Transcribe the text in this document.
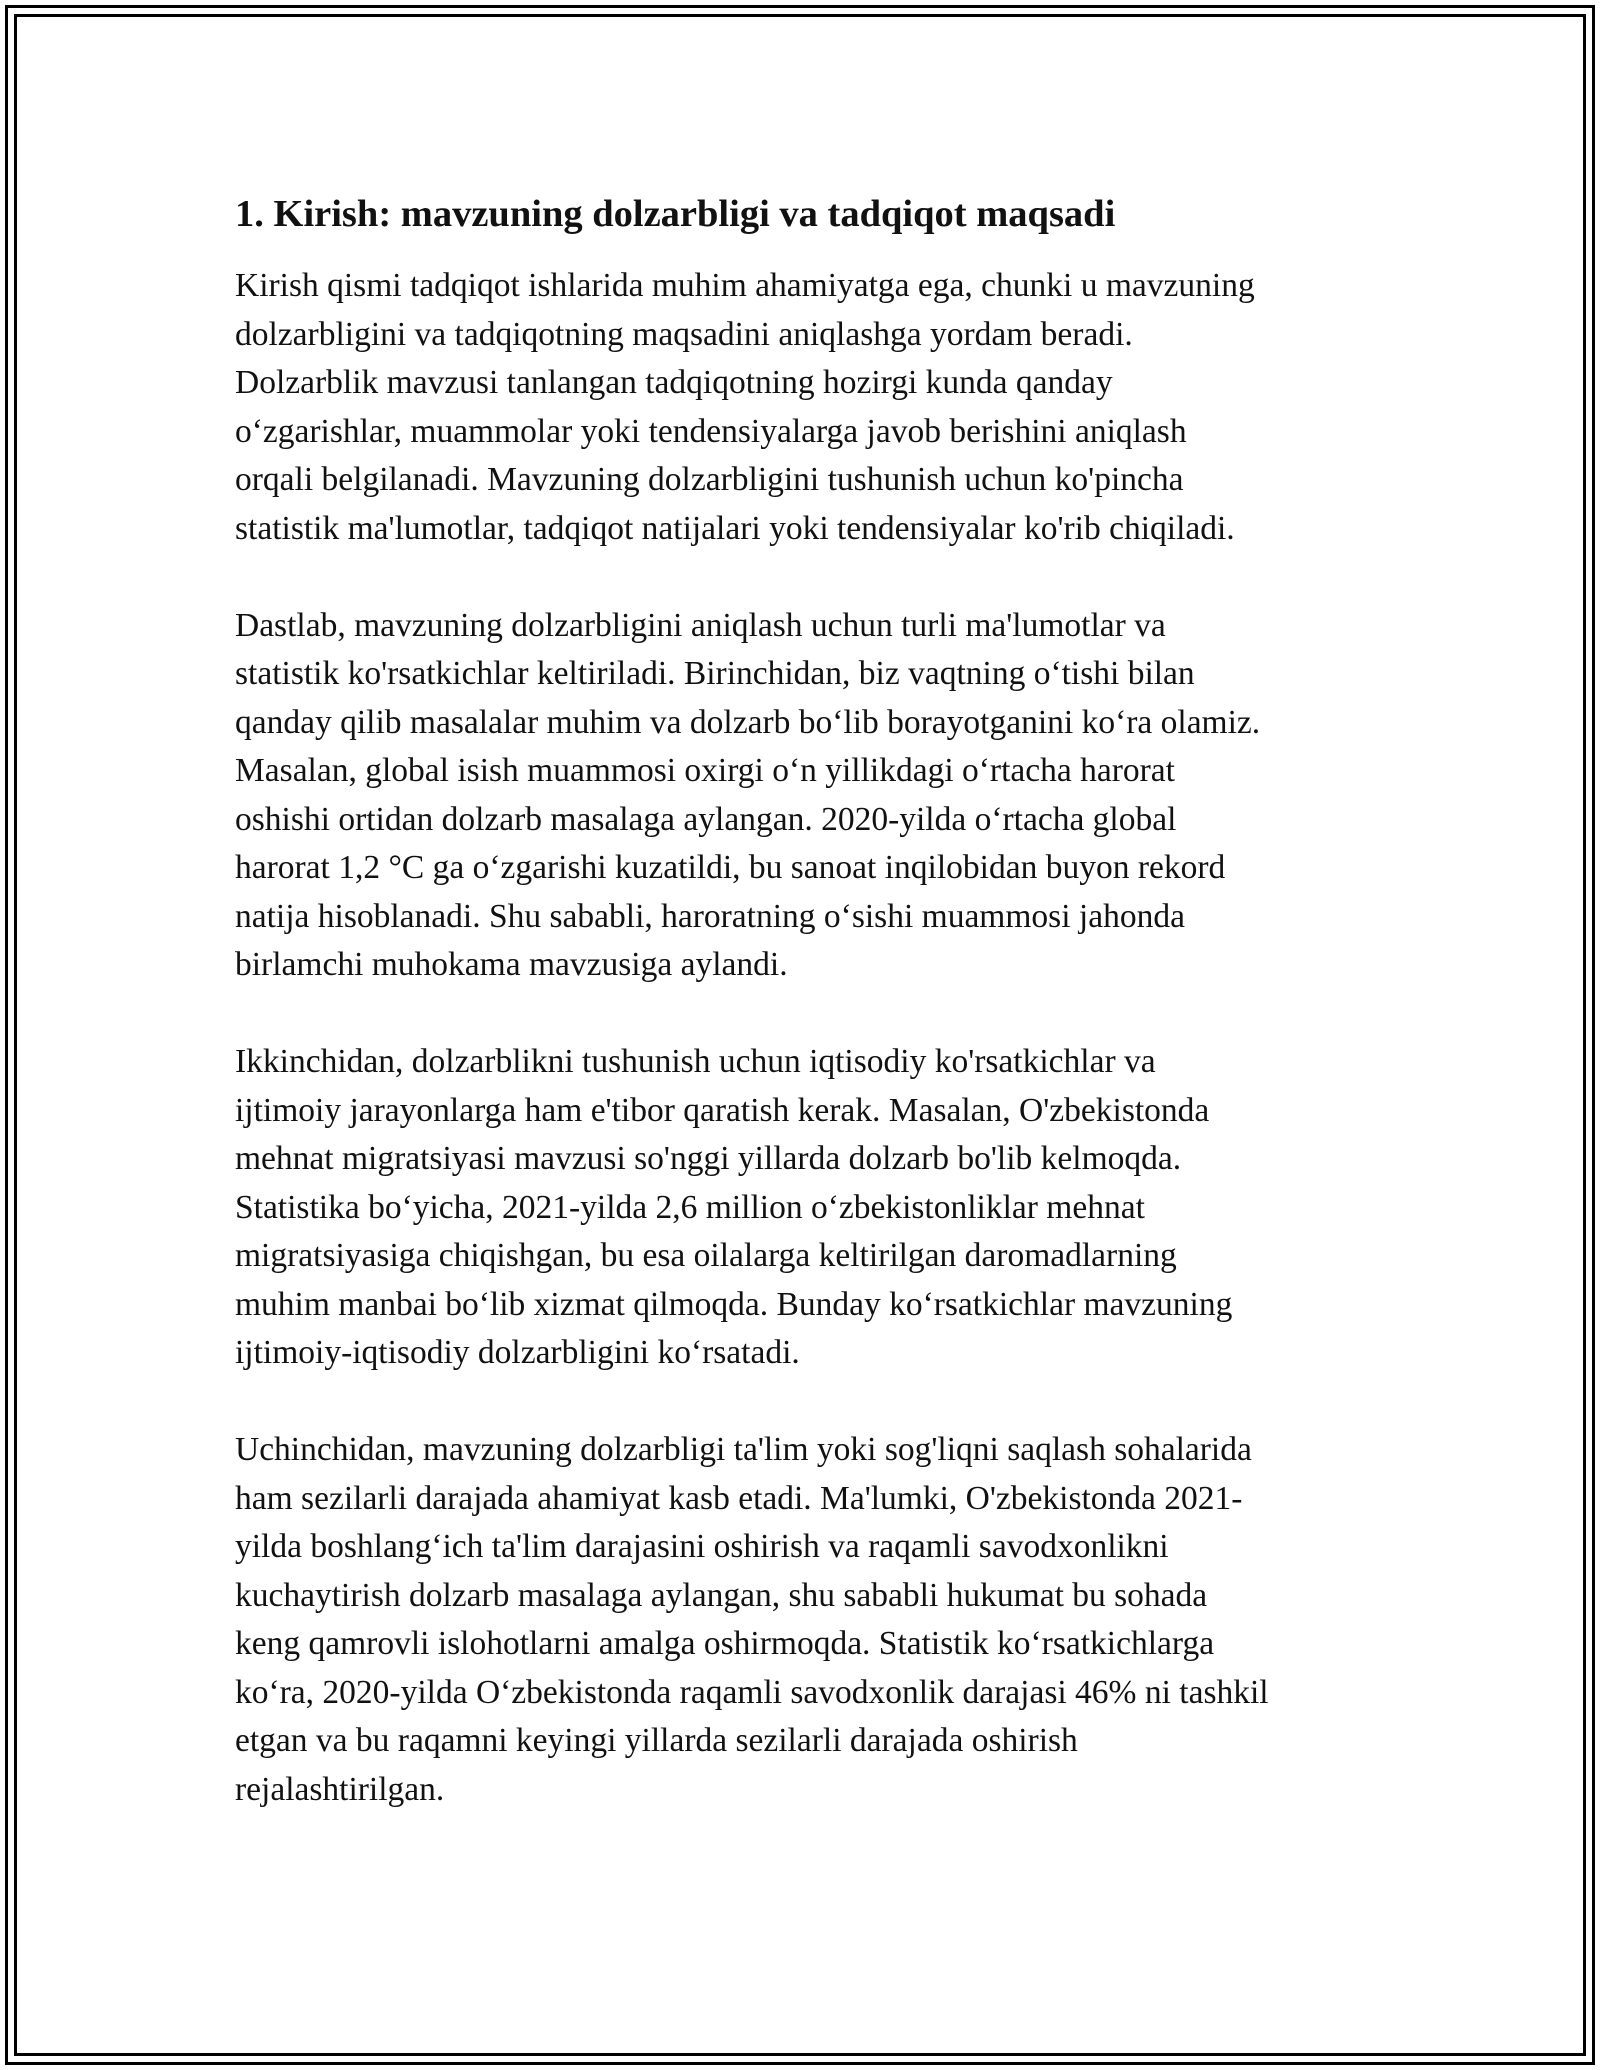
1. Kirish: mavzuning dolzarbligi va tadqiqot maqsadi

Kirish qismi tadqiqot ishlarida muhim ahamiyatga ega, chunki u mavzuning
dolzarbligini va tadqiqotning maqsadini aniqlashga yordam beradi.
Dolzarblik mavzusi tanlangan tadqiqotning hozirgi kunda qanday
o‘zgarishlar, muammolar yoki tendensiyalarga javob berishini aniqlash
orqali belgilanadi. Mavzuning dolzarbligini tushunish uchun ko'pincha
statistik ma'lumotlar, tadqiqot natijalari yoki tendensiyalar ko'rib chiqiladi.

Dastlab, mavzuning dolzarbligini aniqlash uchun turli ma'lumotlar va
statistik ko'rsatkichlar keltiriladi. Birinchidan, biz vaqtning o‘tishi bilan
qanday qilib masalalar muhim va dolzarb bo‘lib borayotganini ko‘ra olamiz.
Masalan, global isish muammosi oxirgi o‘n yillikdagi o‘rtacha harorat
oshishi ortidan dolzarb masalaga aylangan. 2020-yilda o‘rtacha global
harorat 1,2 °C ga o‘zgarishi kuzatildi, bu sanoat inqilobidan buyon rekord
natija hisoblanadi. Shu sababli, haroratning o‘sishi muammosi jahonda
birlamchi muhokama mavzusiga aylandi.

Ikkinchidan, dolzarblikni tushunish uchun iqtisodiy ko'rsatkichlar va
ijtimoiy jarayonlarga ham e'tibor qaratish kerak. Masalan, O'zbekistonda
mehnat migratsiyasi mavzusi so'nggi yillarda dolzarb bo'lib kelmoqda.
Statistika bo‘yicha, 2021-yilda 2,6 million o‘zbekistonliklar mehnat
migratsiyasiga chiqishgan, bu esa oilalarga keltirilgan daromadlarning
muhim manbai bo‘lib xizmat qilmoqda. Bunday ko‘rsatkichlar mavzuning
ijtimoiy-iqtisodiy dolzarbligini ko‘rsatadi.

Uchinchidan, mavzuning dolzarbligi ta'lim yoki sog'liqni saqlash sohalarida
ham sezilarli darajada ahamiyat kasb etadi. Ma'lumki, O'zbekistonda 2021-
yilda boshlang‘ich ta'lim darajasini oshirish va raqamli savodxonlikni
kuchaytirish dolzarb masalaga aylangan, shu sababli hukumat bu sohada
keng qamrovli islohotlarni amalga oshirmoqda. Statistik ko‘rsatkichlarga
ko‘ra, 2020-yilda O‘zbekistonda raqamli savodxonlik darajasi 46% ni tashkil
etgan va bu raqamni keyingi yillarda sezilarli darajada oshirish
rejalashtirilgan.
